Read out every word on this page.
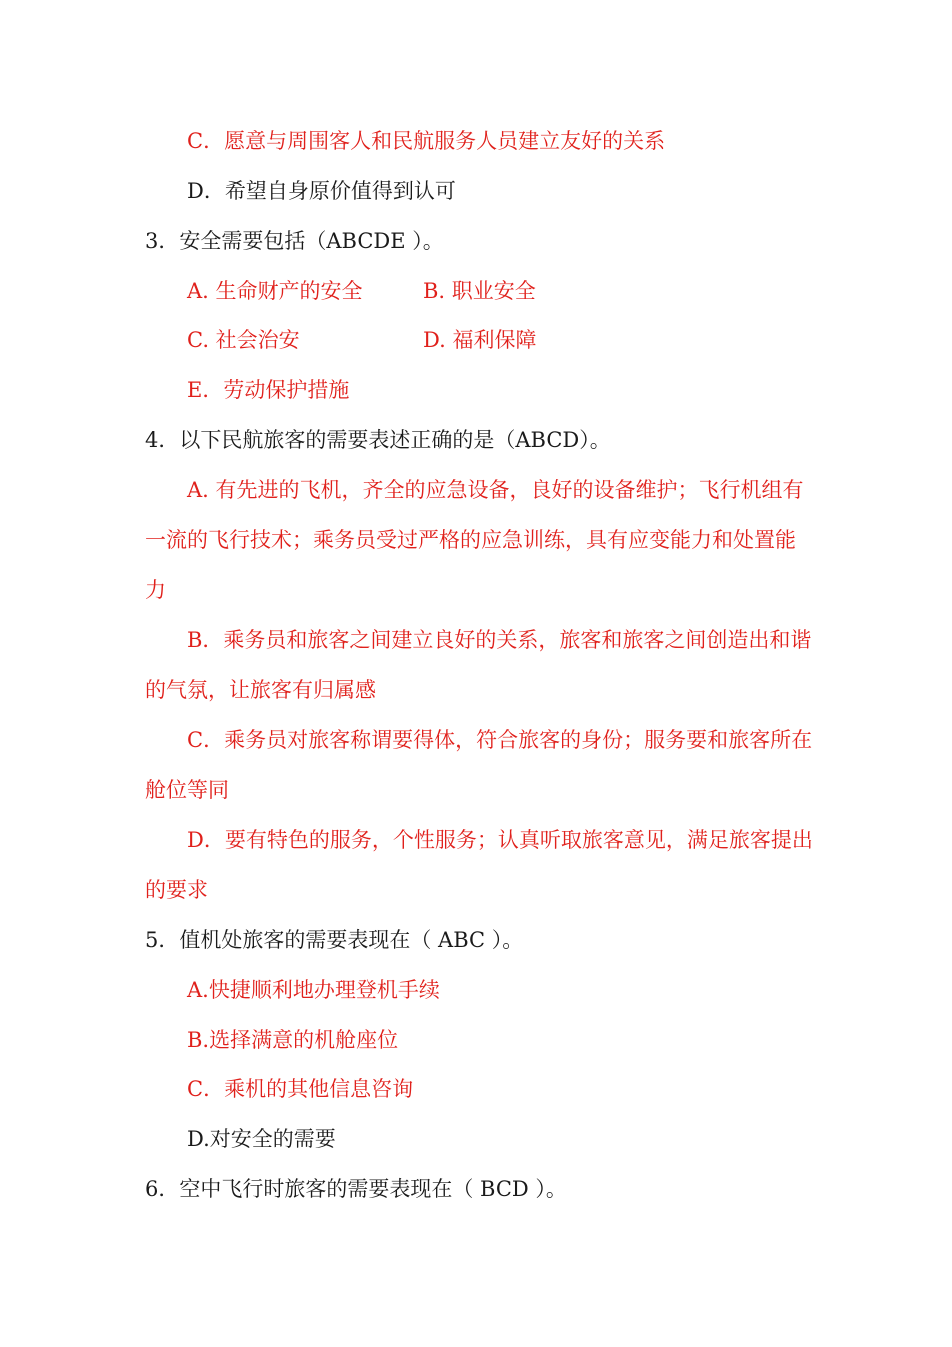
C．愿意与周围客人和民航服务人员建立友好的关系
D．希望自身原价值得到认可
3．安全需要包括（ABCDE ）。
A. 生命财产的安全	B. 职业安全
C. 社会治安	D. 福利保障
E．劳动保护措施
4．以下民航旅客的需要表述正确的是（ABCD）。
A. 有先进的飞机，齐全的应急设备，良好的设备维护；飞行机组有一流的飞行技术；乘务员受过严格的应急训练，具有应变能力和处置能力
B．乘务员和旅客之间建立良好的关系，旅客和旅客之间创造出和谐的气氛，让旅客有归属感
C．乘务员对旅客称谓要得体，符合旅客的身份；服务要和旅客所在舱位等同
D．要有特色的服务，个性服务；认真听取旅客意见，满足旅客提出的要求
5．值机处旅客的需要表现在（ ABC ）。
A.快捷顺利地办理登机手续
B.选择满意的机舱座位
C．乘机的其他信息咨询
D.对安全的需要
6．空中飞行时旅客的需要表现在（ BCD ）。
